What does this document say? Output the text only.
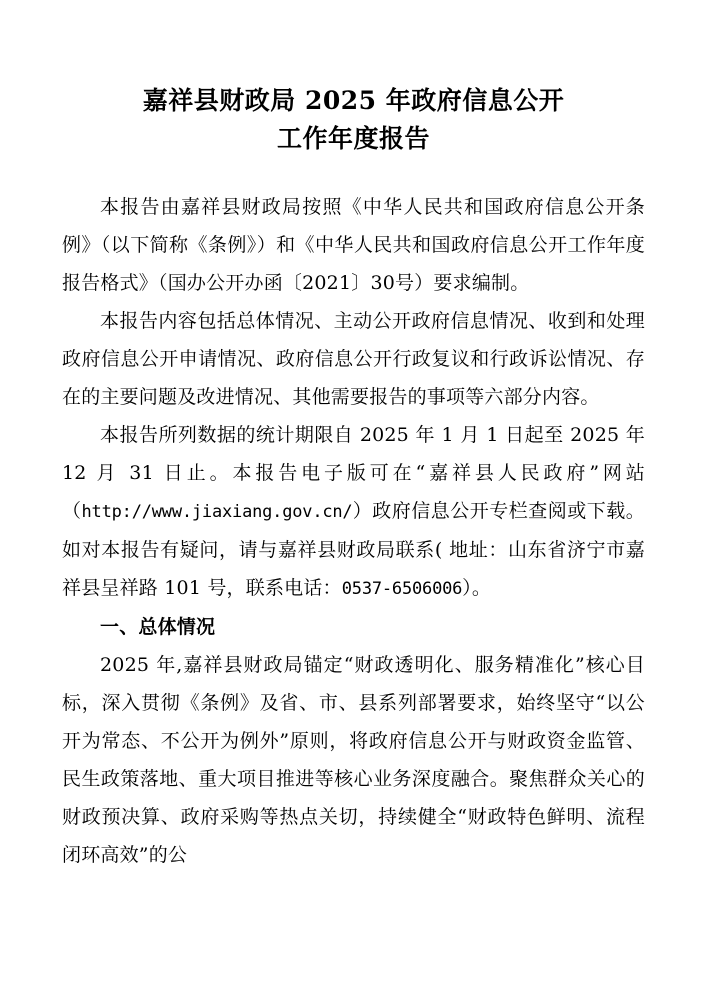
嘉祥县财政局 2025 年政府信息公开
工作年度报告

本报告由嘉祥县财政局按照《中华人民共和国政府信息公开条例》（以下简称《条例》）和《中华人民共和国政府信息公开工作年度报告格式》（国办公开办函〔2021〕30号）要求编制。

本报告内容包括总体情况、主动公开政府信息情况、收到和处理政府信息公开申请情况、政府信息公开行政复议和行政诉讼情况、存在的主要问题及改进情况、其他需要报告的事项等六部分内容。

本报告所列数据的统计期限自 2025 年 1 月 1 日起至 2025 年 12 月 31 日止。本报告电子版可在“嘉祥县人民政府”网站（http://www.jiaxiang.gov.cn/）政府信息公开专栏查阅或下载。如对本报告有疑问，请与嘉祥县财政局联系( 地址：山东省济宁市嘉祥县呈祥路 101 号，联系电话：0537-6506006）。

一、总体情况

2025 年,嘉祥县财政局锚定“财政透明化、服务精准化”核心目标，深入贯彻《条例》及省、市、县系列部署要求，始终坚守“以公开为常态、不公开为例外”原则，将政府信息公开与财政资金监管、民生政策落地、重大项目推进等核心业务深度融合。聚焦群众关心的财政预决算、政府采购等热点关切，持续健全“财政特色鲜明、流程闭环高效”的公
